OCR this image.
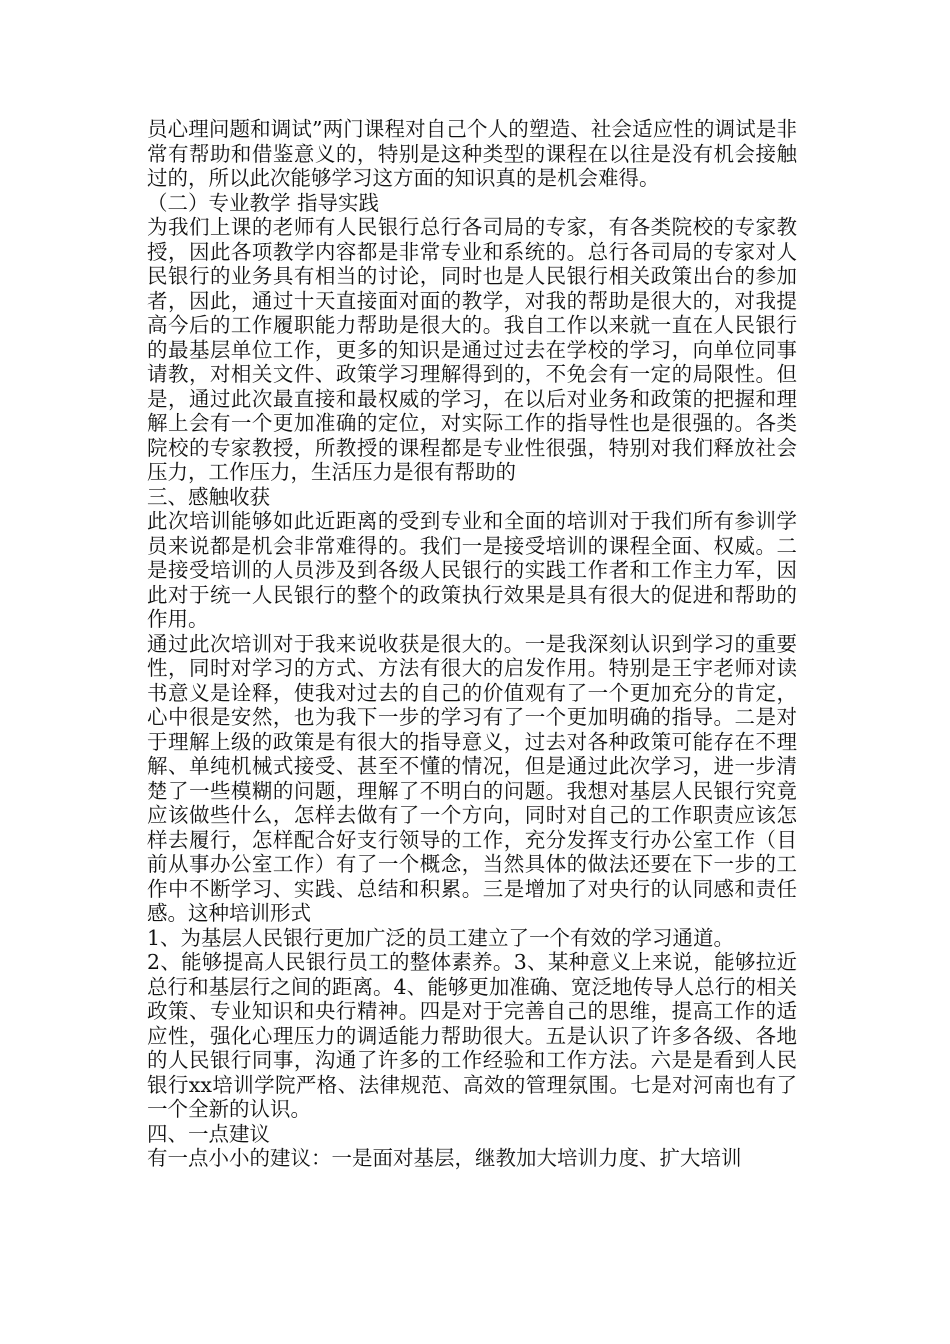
员心理问题和调试”两门课程对自己个人的塑造、社会适应性的调试是非常有帮助和借鉴意义的，特别是这种类型的课程在以往是没有机会接触过的，所以此次能够学习这方面的知识真的是机会难得。

（二）专业教学 指导实践

为我们上课的老师有人民银行总行各司局的专家，有各类院校的专家教授，因此各项教学内容都是非常专业和系统的。总行各司局的专家对人民银行的业务具有相当的讨论，同时也是人民银行相关政策出台的参加者，因此，通过十天直接面对面的教学，对我的帮助是很大的，对我提高今后的工作履职能力帮助是很大的。我自工作以来就一直在人民银行的最基层单位工作，更多的知识是通过过去在学校的学习，向单位同事请教，对相关文件、政策学习理解得到的，不免会有一定的局限性。但是，通过此次最直接和最权威的学习，在以后对业务和政策的把握和理解上会有一个更加准确的定位，对实际工作的指导性也是很强的。各类院校的专家教授，所教授的课程都是专业性很强，特别对我们释放社会压力，工作压力，生活压力是很有帮助的

三、感触收获

此次培训能够如此近距离的受到专业和全面的培训对于我们所有参训学员来说都是机会非常难得的。我们一是接受培训的课程全面、权威。二是接受培训的人员涉及到各级人民银行的实践工作者和工作主力军，因此对于统一人民银行的整个的政策执行效果是具有很大的促进和帮助的作用。

通过此次培训对于我来说收获是很大的。一是我深刻认识到学习的重要性，同时对学习的方式、方法有很大的启发作用。特别是王宇老师对读书意义是诠释，使我对过去的自己的价值观有了一个更加充分的肯定，心中很是安然，也为我下一步的学习有了一个更加明确的指导。二是对于理解上级的政策是有很大的指导意义，过去对各种政策可能存在不理解、单纯机械式接受、甚至不懂的情况，但是通过此次学习，进一步清楚了一些模糊的问题，理解了不明白的问题。我想对基层人民银行究竟应该做些什么，怎样去做有了一个方向，同时对自己的工作职责应该怎样去履行，怎样配合好支行领导的工作，充分发挥支行办公室工作（目前从事办公室工作）有了一个概念，当然具体的做法还要在下一步的工作中不断学习、实践、总结和积累。三是增加了对央行的认同感和责任感。这种培训形式

1、为基层人民银行更加广泛的员工建立了一个有效的学习通道。

2、能够提高人民银行员工的整体素养。3、某种意义上来说，能够拉近总行和基层行之间的距离。4、能够更加准确、宽泛地传导人总行的相关政策、专业知识和央行精神。四是对于完善自己的思维，提高工作的适应性，强化心理压力的调适能力帮助很大。五是认识了许多各级、各地的人民银行同事，沟通了许多的工作经验和工作方法。六是是看到人民银行xx培训学院严格、法律规范、高效的管理氛围。七是对河南也有了一个全新的认识。

四、一点建议

有一点小小的建议：一是面对基层，继教加大培训力度、扩大培训
